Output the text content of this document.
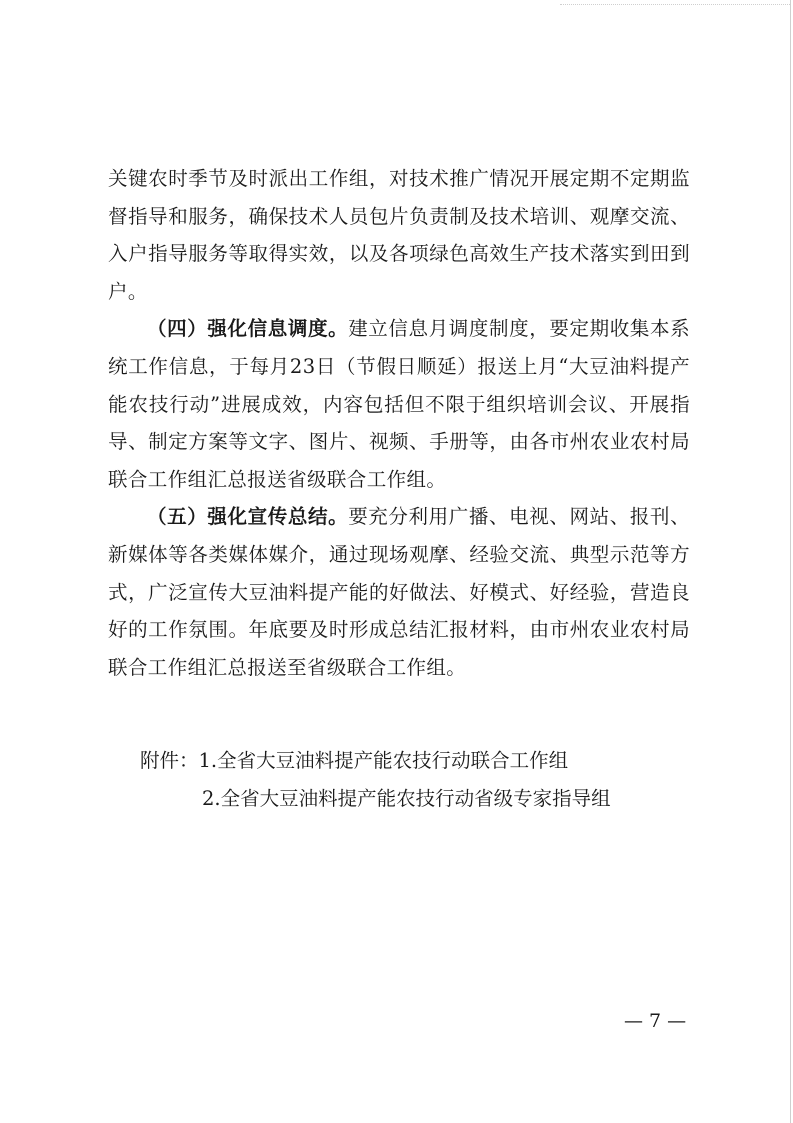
关键农时季节及时派出工作组，对技术推广情况开展定期不定期监督指导和服务，确保技术人员包片负责制及技术培训、观摩交流、入户指导服务等取得实效，以及各项绿色高效生产技术落实到田到户。

（四）强化信息调度。建立信息月调度制度，要定期收集本系统工作信息，于每月23日（节假日顺延）报送上月“大豆油料提产能农技行动”进展成效，内容包括但不限于组织培训会议、开展指导、制定方案等文字、图片、视频、手册等，由各市州农业农村局联合工作组汇总报送省级联合工作组。

（五）强化宣传总结。要充分利用广播、电视、网站、报刊、新媒体等各类媒体媒介，通过现场观摩、经验交流、典型示范等方式，广泛宣传大豆油料提产能的好做法、好模式、好经验，营造良好的工作氛围。年底要及时形成总结汇报材料，由市州农业农村局联合工作组汇总报送至省级联合工作组。

附件：1.全省大豆油料提产能农技行动联合工作组
2.全省大豆油料提产能农技行动省级专家指导组
— 7 —
